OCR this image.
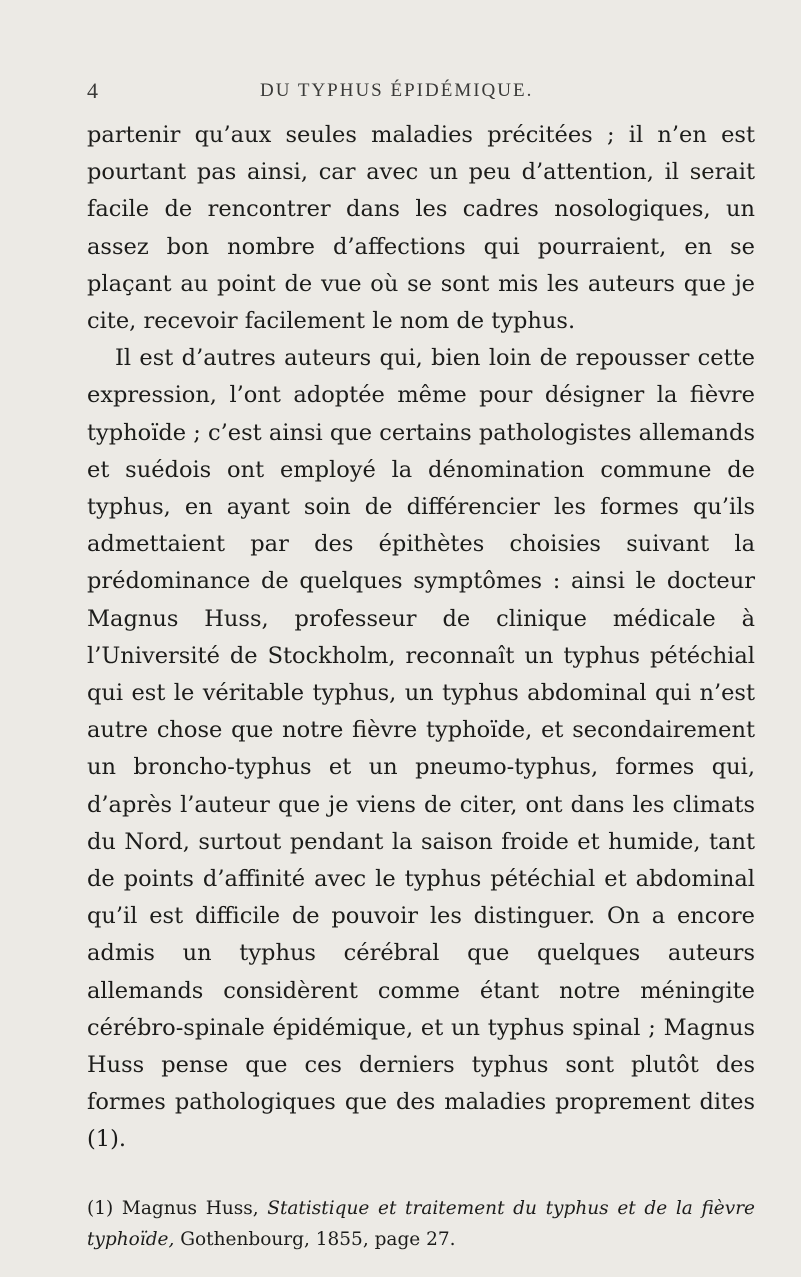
4	DU TYPHUS ÉPIDÉMIQUE.

partenir qu’aux seules maladies précitées ; il n’en est pourtant pas ainsi, car avec un peu d’attention, il serait facile de rencontrer dans les cadres nosologiques, un assez bon nombre d’affections qui pourraient, en se plaçant au point de vue où se sont mis les auteurs que je cite, recevoir facilement le nom de typhus.

Il est d’autres auteurs qui, bien loin de repousser cette expression, l’ont adoptée même pour désigner la fièvre typhoïde ; c’est ainsi que certains pathologistes allemands et suédois ont employé la dénomination commune de typhus, en ayant soin de différencier les formes qu’ils admettaient par des épithètes choisies suivant la prédominance de quelques symptômes : ainsi le docteur Magnus Huss, professeur de clinique médicale à l’Université de Stockholm, reconnaît un typhus pétéchial qui est le véritable typhus, un typhus abdominal qui n’est autre chose que notre fièvre typhoïde, et secondairement un broncho-typhus et un pneumo-typhus, formes qui, d’après l’auteur que je viens de citer, ont dans les climats du Nord, surtout pendant la saison froide et humide, tant de points d’affinité avec le typhus pétéchial et abdominal qu’il est difficile de pouvoir les distinguer. On a encore admis un typhus cérébral que quelques auteurs allemands considèrent comme étant notre méningite cérébro-spinale épidémique, et un typhus spinal ; Magnus Huss pense que ces derniers typhus sont plutôt des formes pathologiques que des maladies proprement dites (1).

(1) Magnus Huss, Statistique et traitement du typhus et de la fièvre typhoïde, Gothenbourg, 1855, page 27.
